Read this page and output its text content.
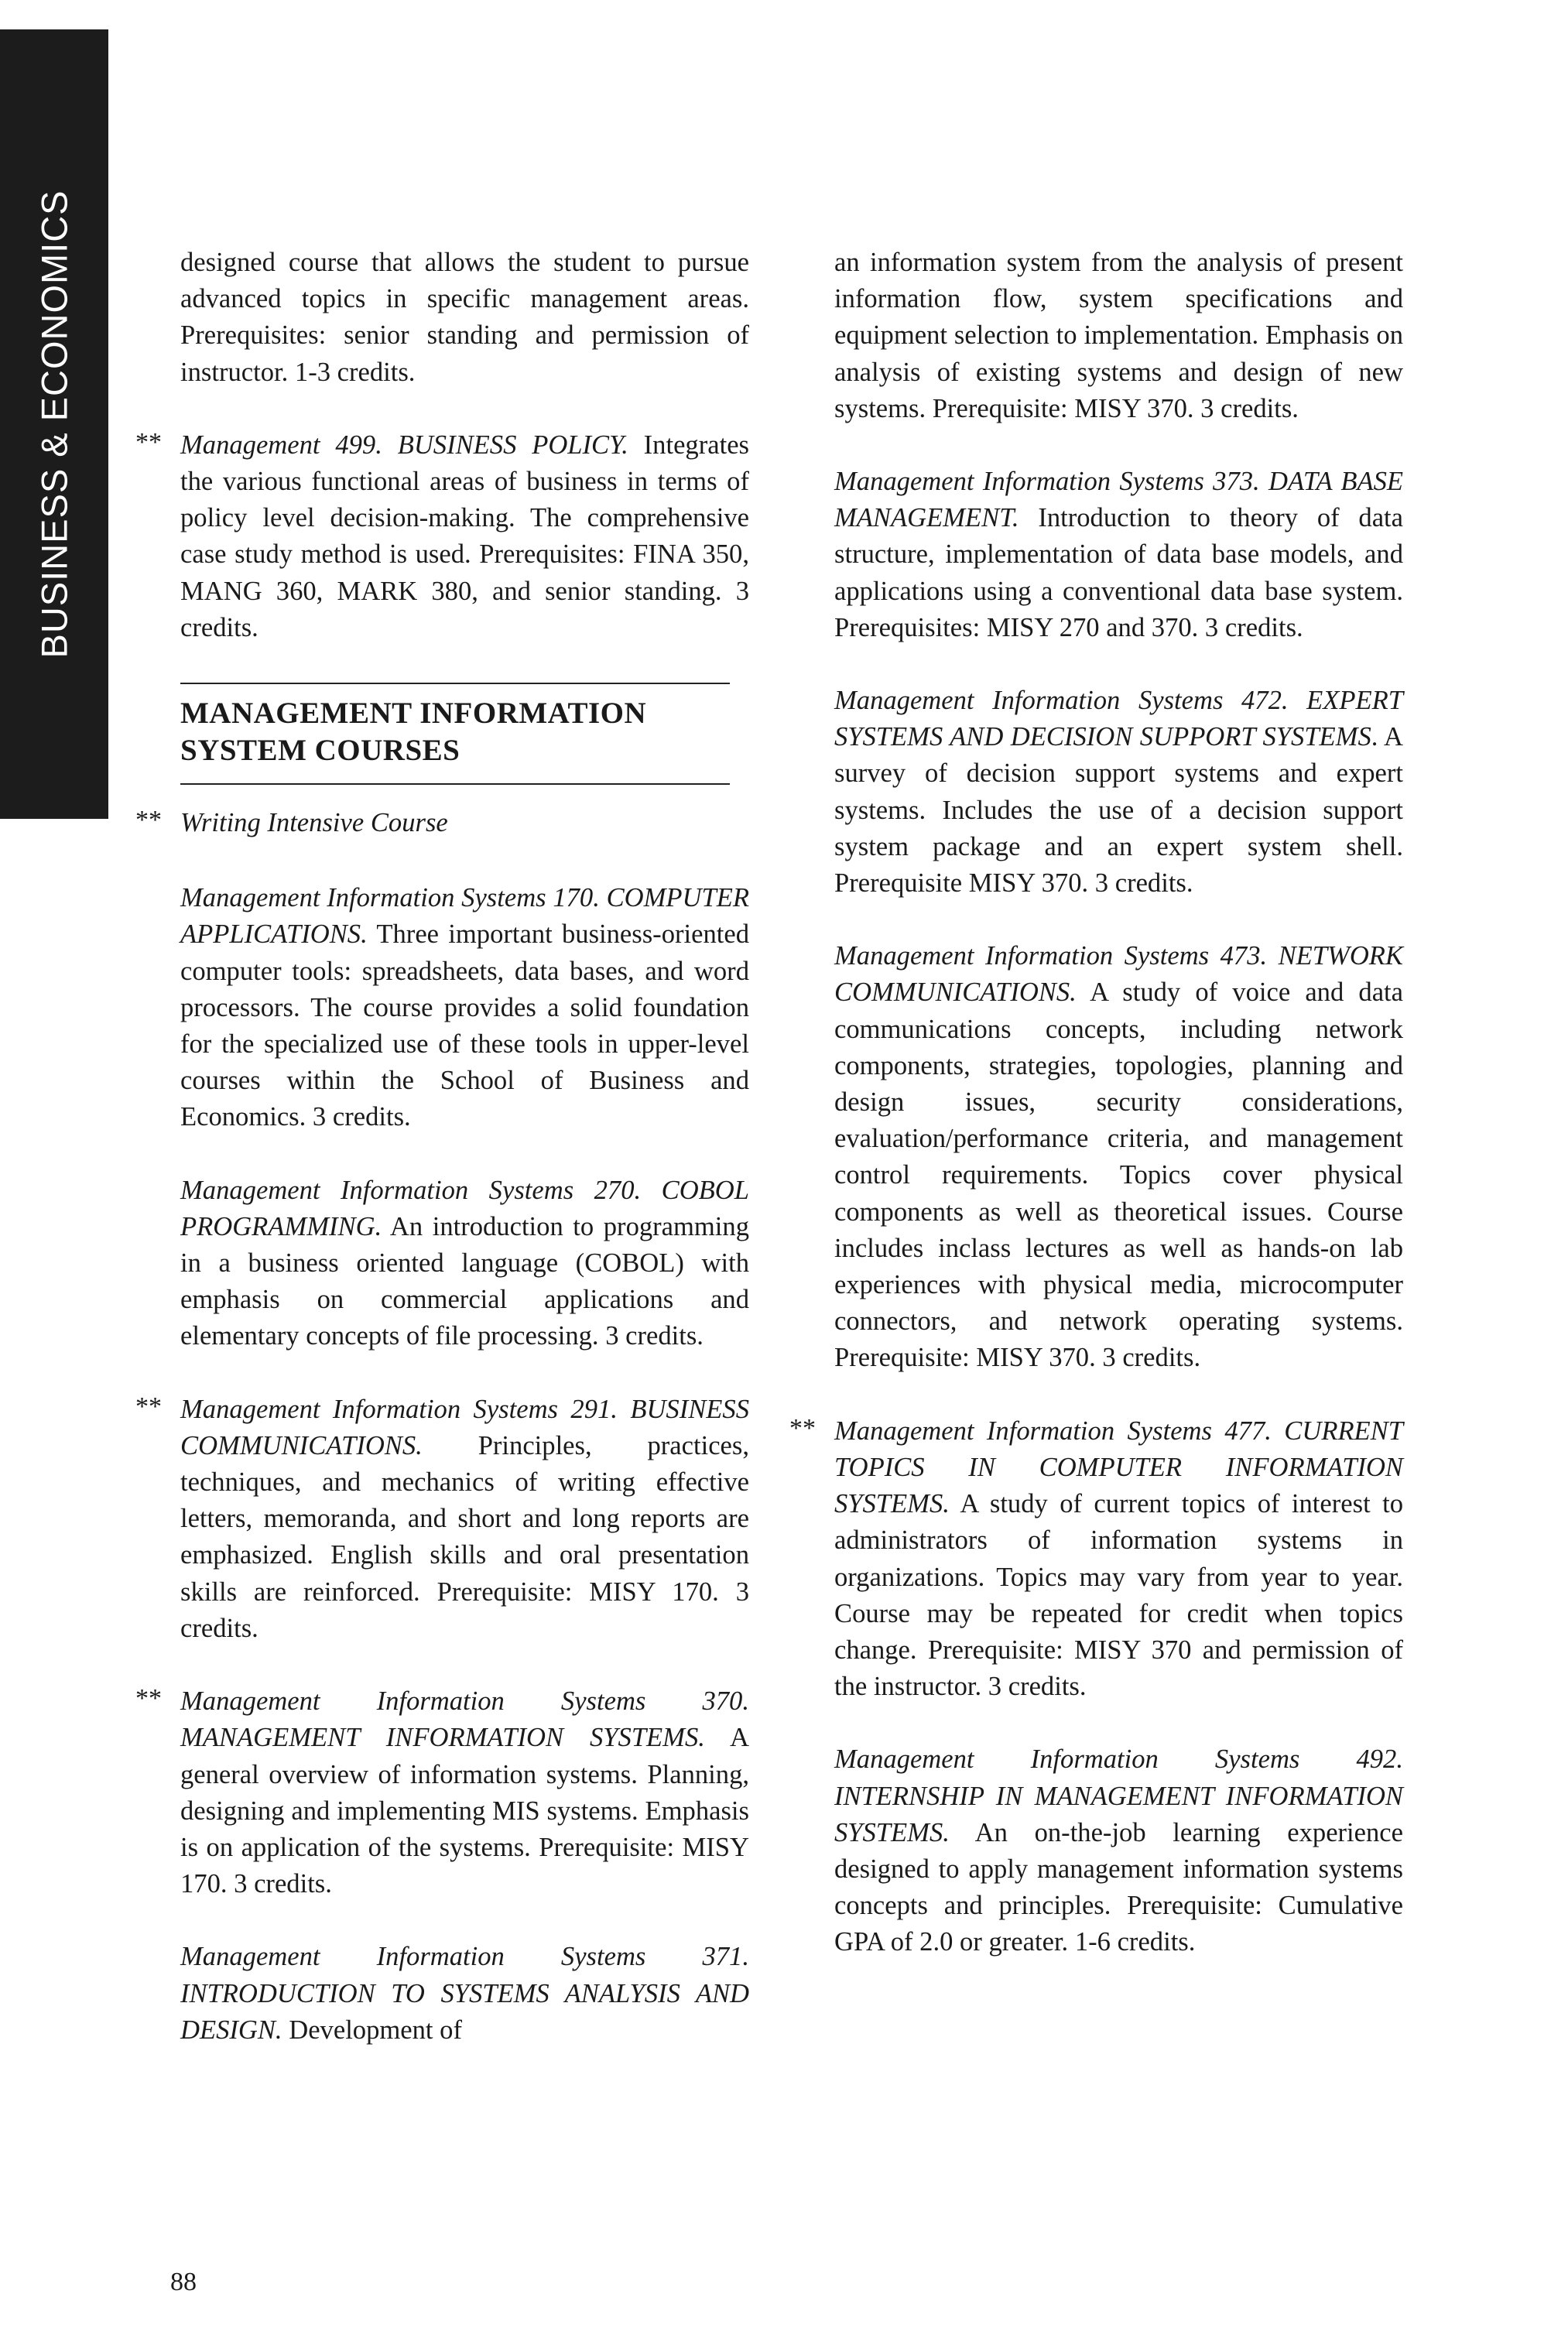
BUSINESS & ECONOMICS	designed course that allows the student to pursue advanced topics in specific management areas. Prerequisites: senior standing and permission of instructor. 1-3 credits.

** Management 499. BUSINESS POLICY. Integrates the various functional areas of business in terms of policy level decision-making. The comprehensive case study method is used. Prerequisites: FINA 350, MANG 360, MARK 380, and senior standing. 3 credits.

MANAGEMENT INFORMATION SYSTEM COURSES

** Writing Intensive Course

Management Information Systems 170. COMPUTER APPLICATIONS. Three important business-oriented computer tools: spreadsheets, data bases, and word processors. The course provides a solid foundation for the specialized use of these tools in upper-level courses within the School of Business and Economics. 3 credits.

Management Information Systems 270. COBOL PROGRAMMING. An introduction to programming in a business oriented language (COBOL) with emphasis on commercial applications and elementary concepts of file processing. 3 credits.

** Management Information Systems 291. BUSINESS COMMUNICATIONS. Principles, practices, techniques, and mechanics of writing effective letters, memoranda, and short and long reports are emphasized. English skills and oral presentation skills are reinforced. Prerequisite: MISY 170. 3 credits.

** Management Information Systems 370. MANAGEMENT INFORMATION SYSTEMS. A general overview of information systems. Planning, designing and implementing MIS systems. Emphasis is on application of the systems. Prerequisite: MISY 170. 3 credits.

Management Information Systems 371. INTRODUCTION TO SYSTEMS ANALYSIS AND DESIGN. Development of

an information system from the analysis of present information flow, system specifications and equipment selection to implementation. Emphasis on analysis of existing systems and design of new systems. Prerequisite: MISY 370. 3 credits.

Management Information Systems 373. DATA BASE MANAGEMENT. Introduction to theory of data structure, implementation of data base models, and applications using a conventional data base system. Prerequisites: MISY 270 and 370. 3 credits.

Management Information Systems 472. EXPERT SYSTEMS AND DECISION SUPPORT SYSTEMS. A survey of decision support systems and expert systems. Includes the use of a decision support system package and an expert system shell. Prerequisite MISY 370. 3 credits.

Management Information Systems 473. NETWORK COMMUNICATIONS. A study of voice and data communications concepts, including network components, strategies, topologies, planning and design issues, security considerations, evaluation/performance criteria, and management control requirements. Topics cover physical components as well as theoretical issues. Course includes inclass lectures as well as hands-on lab experiences with physical media, microcomputer connectors, and network operating systems. Prerequisite: MISY 370. 3 credits.

** Management Information Systems 477. CURRENT TOPICS IN COMPUTER INFORMATION SYSTEMS. A study of current topics of interest to administrators of information systems in organizations. Topics may vary from year to year. Course may be repeated for credit when topics change. Prerequisite: MISY 370 and permission of the instructor. 3 credits.

Management Information Systems 492. INTERNSHIP IN MANAGEMENT INFORMATION SYSTEMS. An on-the-job learning experience designed to apply management information systems concepts and principles. Prerequisite: Cumulative GPA of 2.0 or greater. 1-6 credits.

88
